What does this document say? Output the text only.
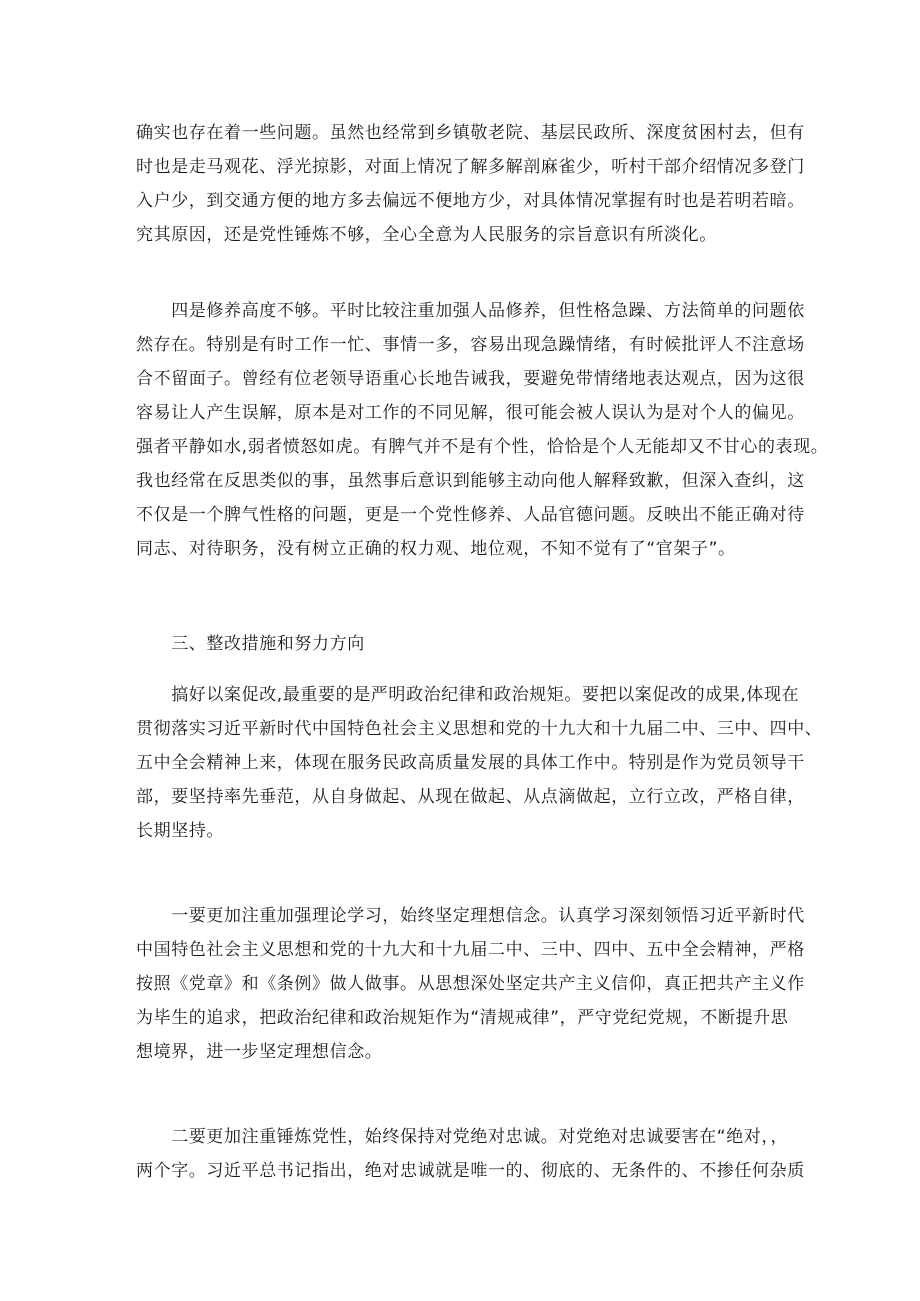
确实也存在着一些问题。虽然也经常到乡镇敬老院、基层民政所、深度贫困村去，但有
时也是走马观花、浮光掠影，对面上情况了解多解剖麻雀少，听村干部介绍情况多登门
入户少，到交通方便的地方多去偏远不便地方少，对具体情况掌握有时也是若明若暗。
究其原因，还是党性锤炼不够，全心全意为人民服务的宗旨意识有所淡化。
　　四是修养高度不够。平时比较注重加强人品修养，但性格急躁、方法简单的问题依
然存在。特别是有时工作一忙、事情一多，容易出现急躁情绪，有时候批评人不注意场
合不留面子。曾经有位老领导语重心长地告诫我，要避免带情绪地表达观点，因为这很
容易让人产生误解，原本是对工作的不同见解，很可能会被人误认为是对个人的偏见。
强者平静如水,弱者愤怒如虎。有脾气并不是有个性，恰恰是个人无能却又不甘心的表现。
我也经常在反思类似的事，虽然事后意识到能够主动向他人解释致歉，但深入查纠，这
不仅是一个脾气性格的问题，更是一个党性修养、人品官德问题。反映出不能正确对待
同志、对待职务，没有树立正确的权力观、地位观，不知不觉有了“官架子”。
　　三、整改措施和努力方向
　　搞好以案促改,最重要的是严明政治纪律和政治规矩。要把以案促改的成果,体现在
贯彻落实习近平新时代中国特色社会主义思想和党的十九大和十九届二中、三中、四中、
五中全会精神上来，体现在服务民政高质量发展的具体工作中。特别是作为党员领导干
部，要坚持率先垂范，从自身做起、从现在做起、从点滴做起，立行立改，严格自律，
长期坚持。
　　一要更加注重加强理论学习，始终坚定理想信念。认真学习深刻领悟习近平新时代
中国特色社会主义思想和党的十九大和十九届二中、三中、四中、五中全会精神，严格
按照《党章》和《条例》做人做事。从思想深处坚定共产主义信仰，真正把共产主义作
为毕生的追求，把政治纪律和政治规矩作为“清规戒律”，严守党纪党规，不断提升思
想境界，进一步坚定理想信念。
　　二要更加注重锤炼党性，始终保持对党绝对忠诚。对党绝对忠诚要害在“绝对，，
两个字。习近平总书记指出，绝对忠诚就是唯一的、彻底的、无条件的、不掺任何杂质
